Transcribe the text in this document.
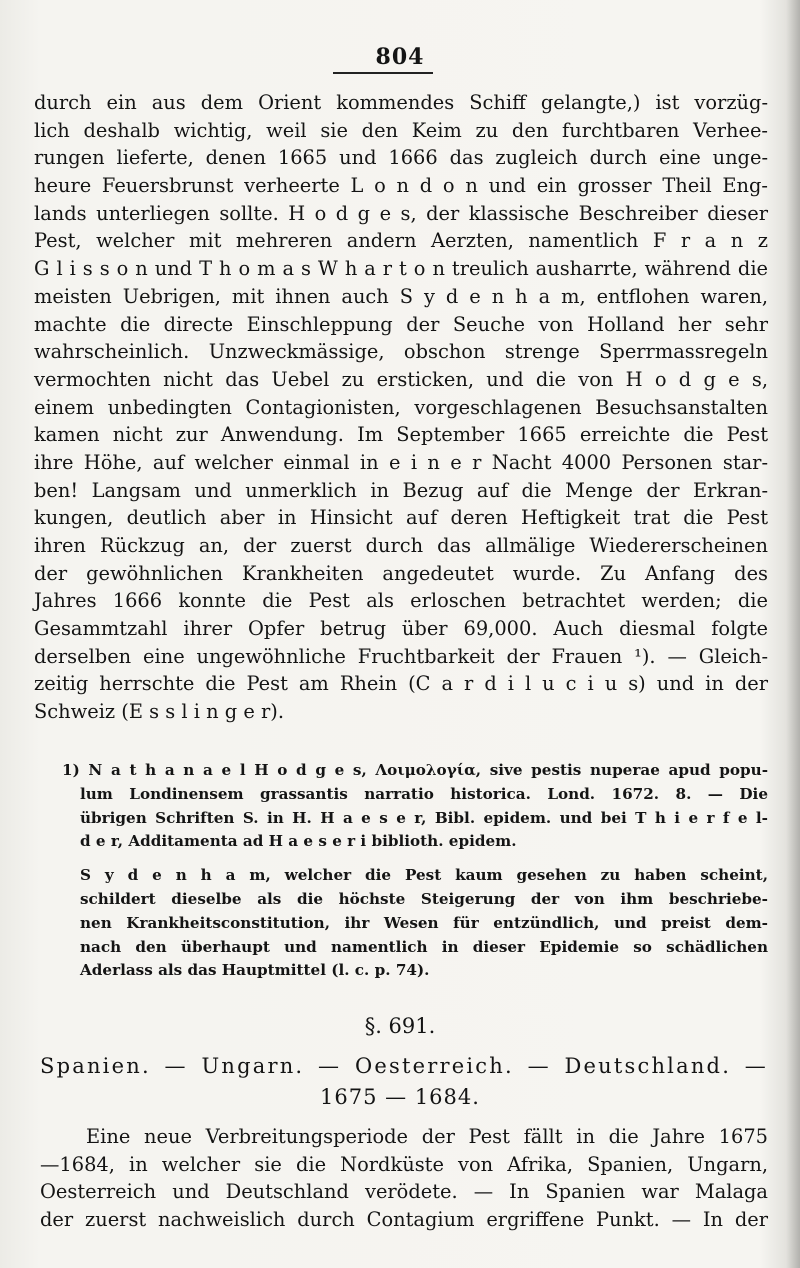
804
durch ein aus dem Orient kommendes Schiff gelangte,) ist vorzüg-
lich deshalb wichtig, weil sie den Keim zu den furchtbaren Verhee-
rungen lieferte, denen 1665 und 1666 das zugleich durch eine unge-
heure Feuersbrunst verheerte L o n d o n und ein grosser Theil Eng-
lands unterliegen sollte. H o d g e s, der klassische Beschreiber dieser
Pest, welcher mit mehreren andern Aerzten, namentlich F r a n z
G l i s s o n und T h o m a s W h a r t o n treulich ausharrte, während die
meisten Uebrigen, mit ihnen auch S y d e n h a m, entflohen waren,
machte die directe Einschleppung der Seuche von Holland her sehr
wahrscheinlich. Unzweckmässige, obschon strenge Sperrmassregeln
vermochten nicht das Uebel zu ersticken, und die von H o d g e s,
einem unbedingten Contagionisten, vorgeschlagenen Besuchsanstalten
kamen nicht zur Anwendung. Im September 1665 erreichte die Pest
ihre Höhe, auf welcher einmal in e i n e r Nacht 4000 Personen star-
ben! Langsam und unmerklich in Bezug auf die Menge der Erkran-
kungen, deutlich aber in Hinsicht auf deren Heftigkeit trat die Pest
ihren Rückzug an, der zuerst durch das allmälige Wiedererscheinen
der gewöhnlichen Krankheiten angedeutet wurde. Zu Anfang des
Jahres 1666 konnte die Pest als erloschen betrachtet werden; die
Gesammtzahl ihrer Opfer betrug über 69,000. Auch diesmal folgte
derselben eine ungewöhnliche Fruchtbarkeit der Frauen ¹). — Gleich-
zeitig herrschte die Pest am Rhein (C a r d i l u c i u s) und in der
Schweiz (E s s l i n g e r).
1) N a t h a n a e l H o d g e s, Λοιμολογία, sive pestis nuperae apud popu-
lum Londinensem grassantis narratio historica. Lond. 1672. 8. — Die
übrigen Schriften S. in H. H a e s e r, Bibl. epidem. und bei T h i e r f e l-
d e r, Additamenta ad H a e s e r i biblioth. epidem.
S y d e n h a m, welcher die Pest kaum gesehen zu haben scheint,
schildert dieselbe als die höchste Steigerung der von ihm beschriebe-
nen Krankheitsconstitution, ihr Wesen für entzündlich, und preist dem-
nach den überhaupt und namentlich in dieser Epidemie so schädlichen
Aderlass als das Hauptmittel (l. c. p. 74).
§. 691.
Spanien. — Ungarn. — Oesterreich. — Deutschland. —
1675 — 1684.
Eine neue Verbreitungsperiode der Pest fällt in die Jahre 1675
—1684, in welcher sie die Nordküste von Afrika, Spanien, Ungarn,
Oesterreich und Deutschland verödete. — In Spanien war Malaga
der zuerst nachweislich durch Contagium ergriffene Punkt. — In der
